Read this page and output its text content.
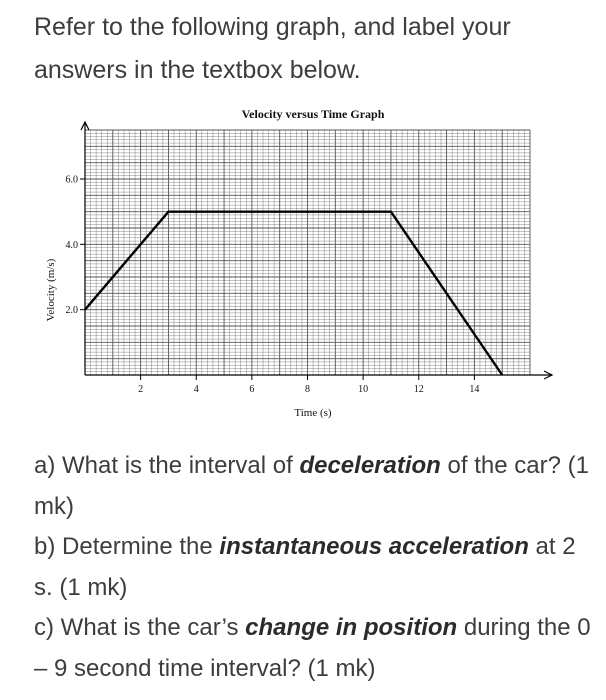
Refer to the following graph, and label your

answers in the textbox below.

2	4	6	8	10	12	14
2.0
4.0
6.0
Velocity versus Time Graph
Time (s)
Velocity (m/s)

a) What is the interval of deceleration of the car? (1 mk)

b) Determine the instantaneous acceleration at 2 s. (1 mk)

c) What is the car’s change in position during the 0 – 9 second time interval? (1 mk)
